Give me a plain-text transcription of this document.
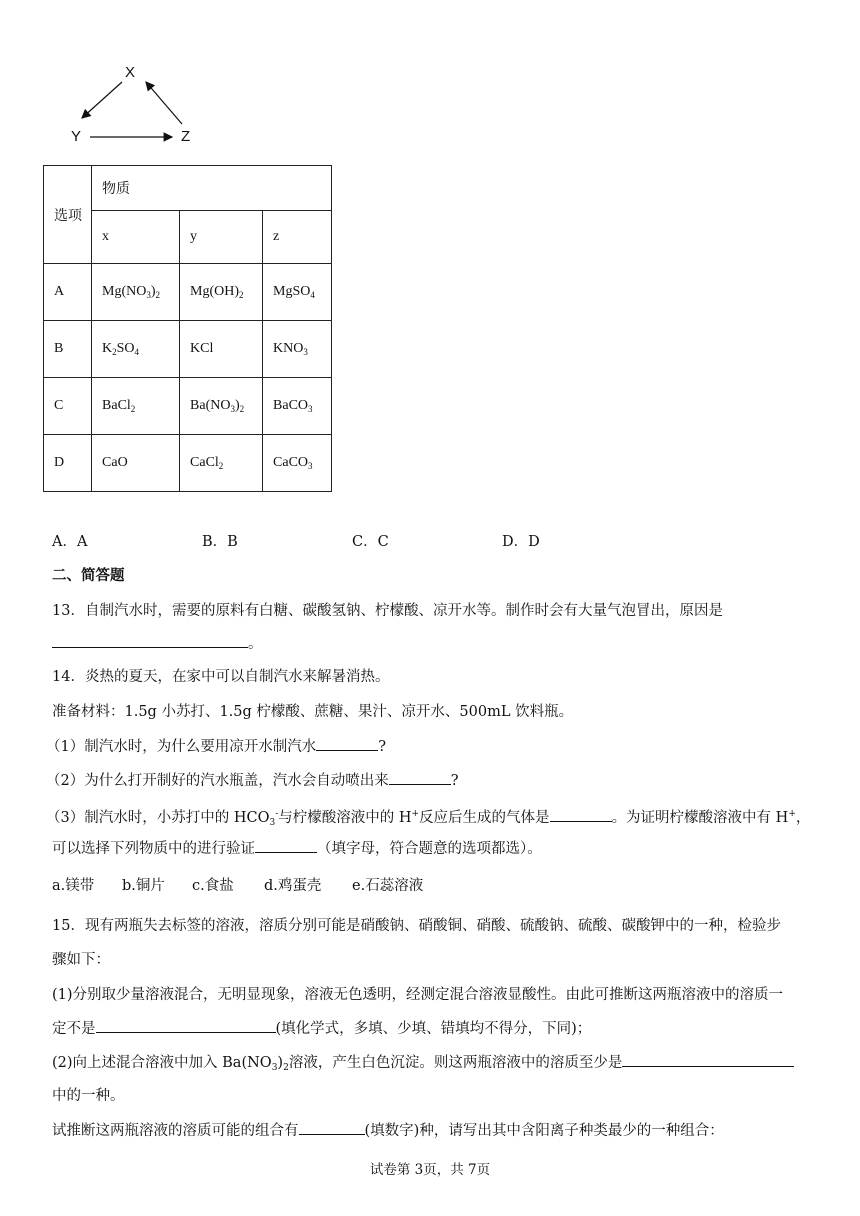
X
Y	Z
选项	物质		
	x	y	z
A	$Mg(NO_3)_2$	$Mg(OH)_2$	MgSO$_4$
B	$K_2SO_4$	KCl	$KNO_3$
C	BaCl$_2$	$Ba(NO_3)_2$	BaCO$_3$
D	CaO	CaCl$_2$	CaCO$_3$
A．A	B．B	C．C	D．D
二、简答题
13．自制汽水时，需要的原料有白糖、碳酸氢钠、柠檬酸、凉开水等。制作时会有大量气泡冒出，原因是
。
14．炎热的夏天，在家中可以自制汽水来解暑消热。
准备材料：1.5g 小苏打、1.5g 柠檬酸、蔗糖、果汁、凉开水、500mL 饮料瓶。
（1）制汽水时，为什么要用凉开水制汽水	?
（2）为什么打开制好的汽水瓶盖，汽水会自动喷出来	?
（3）制汽水时，小苏打中的 $HCO_3^-$与柠檬酸溶液中的 H+反应后生成的气体是	。为证明柠檬酸溶液中有 H+，
可以选择下列物质中的进行验证	（填字母，符合题意的选项都选）。
a.镁带 b.铜片 c.食盐 d.鸡蛋壳 e.石蕊溶液
15．现有两瓶失去标签的溶液，溶质分别可能是硝酸钠、硝酸铜、硝酸、硫酸钠、硫酸、碳酸钾中的一种，检验步
骤如下：
(1)分别取少量溶液混合，无明显现象，溶液无色透明，经测定混合溶液显酸性。由此可推断这两瓶溶液中的溶质一
定不是	(填化学式，多填、少填、错填均不得分，下同)；
(2)向上述混合溶液中加入 $Ba(NO_3)_2$溶液，产生白色沉淀。则这两瓶溶液中的溶质至少是
中的一种。
试推断这两瓶溶液的溶质可能的组合有	(填数字)种，请写出其中含阳离子种类最少的一种组合：
试卷第 3页，共 7页
